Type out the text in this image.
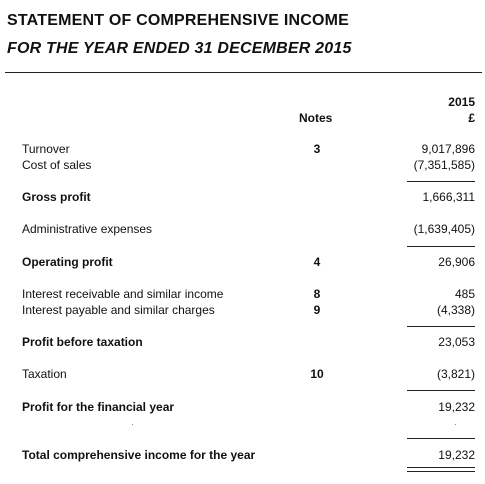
STATEMENT OF COMPREHENSIVE INCOME
FOR THE YEAR ENDED 31 DECEMBER 2015
Notes
2015
£
Turnover	3	9,017,896
Cost of sales	(7,351,585)
Gross profit	1,666,311
Administrative expenses	(1,639,405)
Operating profit	4	26,906
Interest receivable and similar income	8	485
Interest payable and similar charges	9	(4,338)
Profit before taxation	23,053
Taxation	10	(3,821)
Profit for the financial year	19,232
·	·
Total comprehensive income for the year	19,232
